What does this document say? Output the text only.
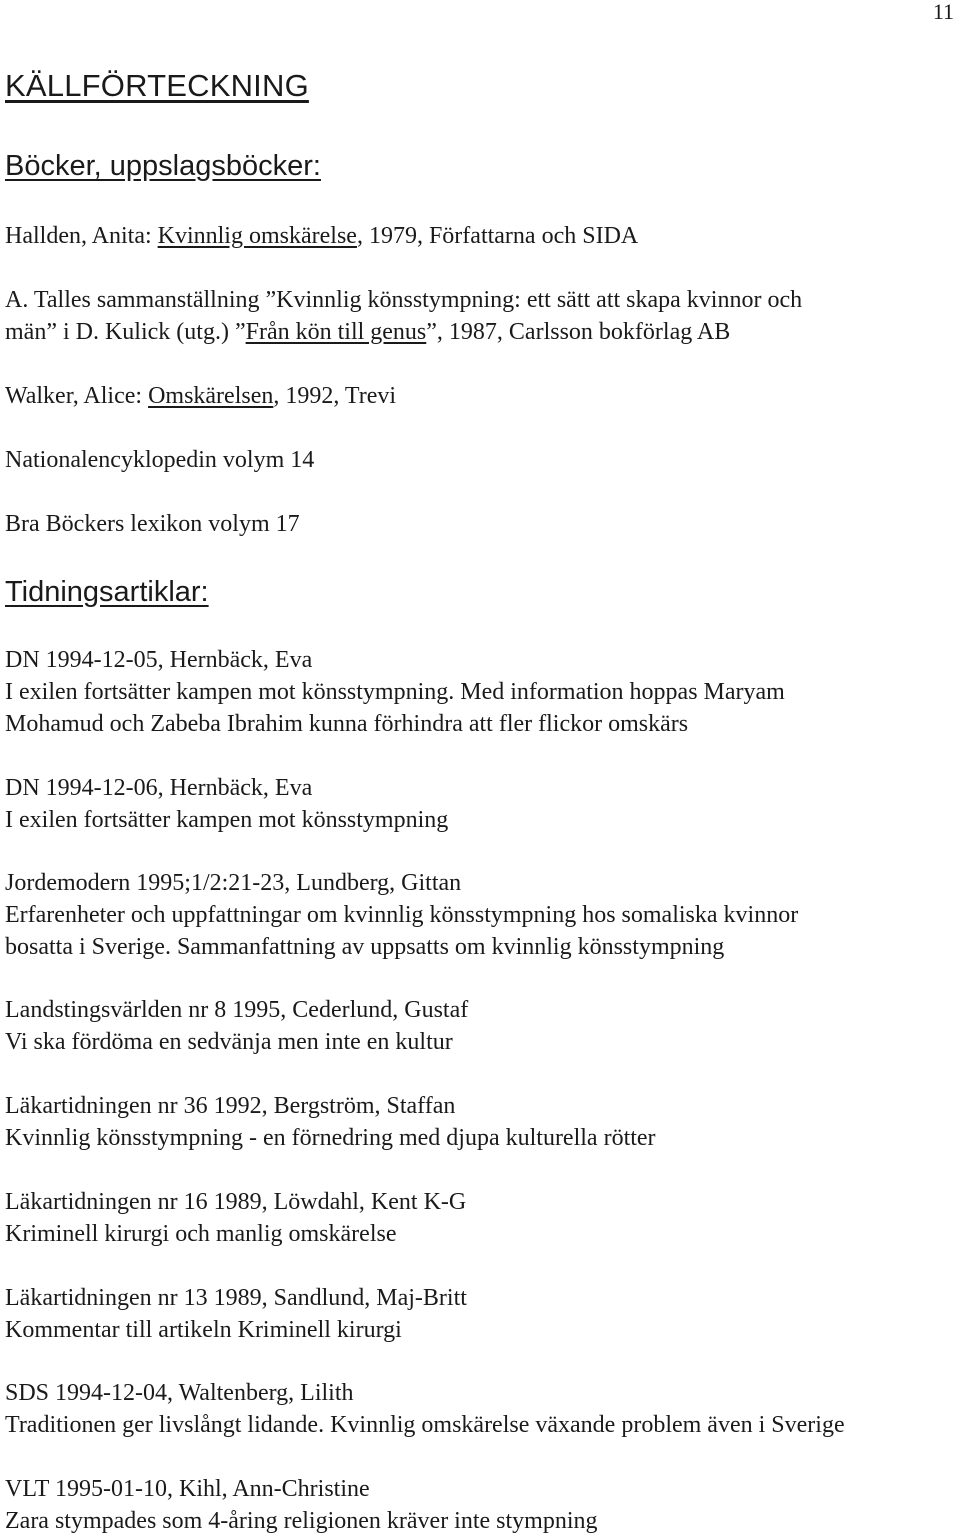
11
KÄLLFÖRTECKNING
Böcker, uppslagsböcker:
Hallden, Anita: Kvinnlig omskärelse, 1979, Författarna och SIDA
A. Talles sammanställning ”Kvinnlig könsstympning: ett sätt att skapa kvinnor och
män” i D. Kulick (utg.) ”Från kön till genus”, 1987, Carlsson bokförlag AB
Walker, Alice: Omskärelsen, 1992, Trevi
Nationalencyklopedin volym 14
Bra Böckers lexikon volym 17
Tidningsartiklar:
DN 1994-12-05, Hernbäck, Eva
I exilen fortsätter kampen mot könsstympning. Med information hoppas Maryam
Mohamud och Zabeba Ibrahim kunna förhindra att fler flickor omskärs
DN 1994-12-06, Hernbäck, Eva
I exilen fortsätter kampen mot könsstympning
Jordemodern 1995;1/2:21-23, Lundberg, Gittan
Erfarenheter och uppfattningar om kvinnlig könsstympning hos somaliska kvinnor
bosatta i Sverige. Sammanfattning av uppsatts om kvinnlig könsstympning
Landstingsvärlden nr 8 1995, Cederlund, Gustaf
Vi ska fördöma en sedvänja men inte en kultur
Läkartidningen nr 36 1992, Bergström, Staffan
Kvinnlig könsstympning - en förnedring med djupa kulturella rötter
Läkartidningen nr 16 1989, Löwdahl, Kent K-G
Kriminell kirurgi och manlig omskärelse
Läkartidningen nr 13 1989, Sandlund, Maj-Britt
Kommentar till artikeln Kriminell kirurgi
SDS 1994-12-04, Waltenberg, Lilith
Traditionen ger livslångt lidande. Kvinnlig omskärelse växande problem även i Sverige
VLT 1995-01-10, Kihl, Ann-Christine
Zara stympades som 4-åring religionen kräver inte stympning
